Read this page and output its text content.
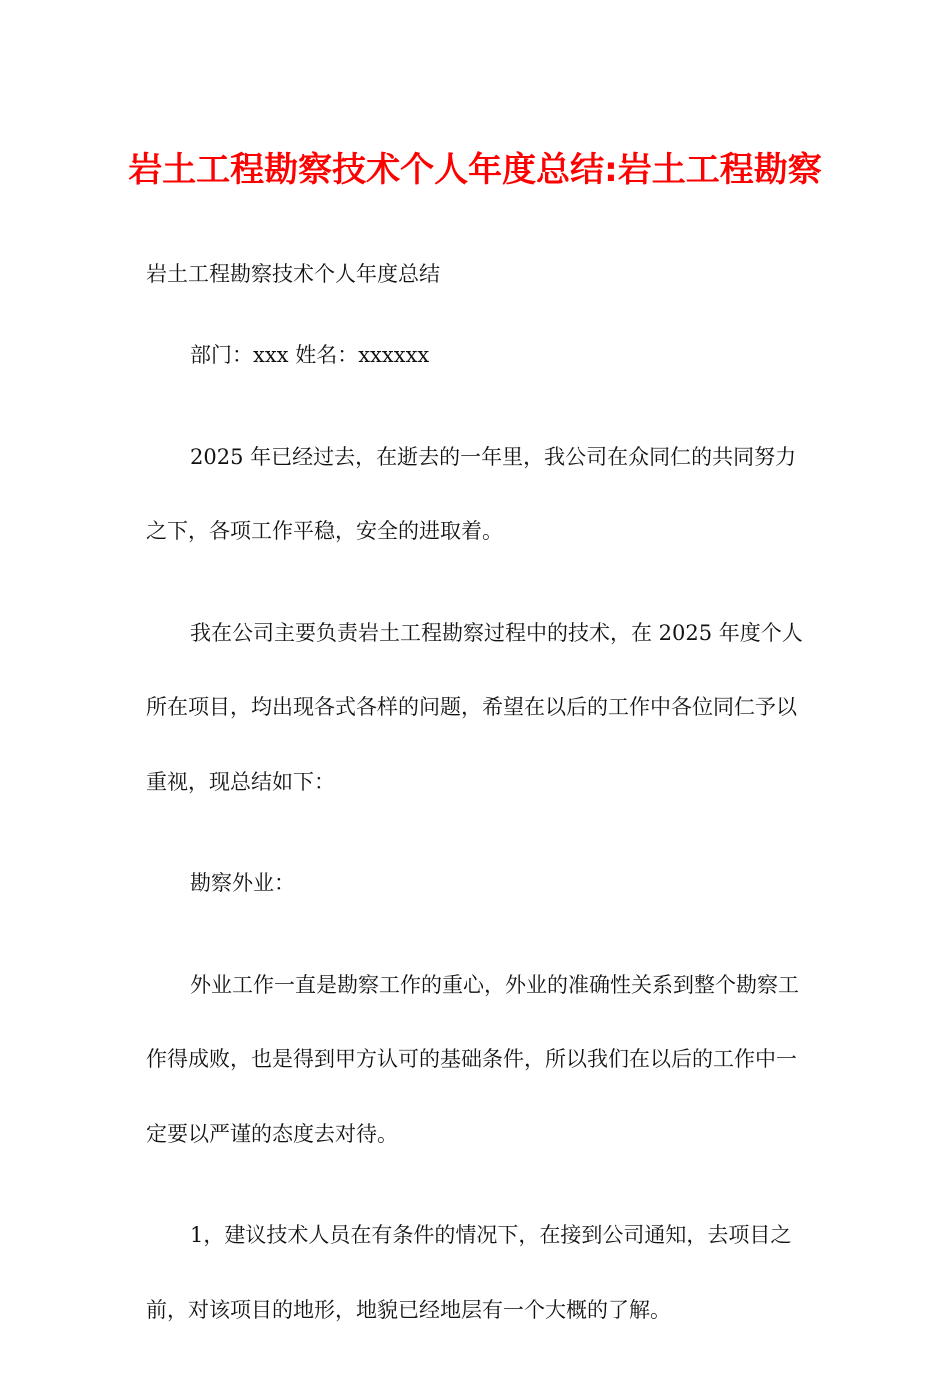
岩土工程勘察技术个人年度总结:岩土工程勘察

岩土工程勘察技术个人年度总结

部门：xxx 姓名：xxxxxx

2025 年已经过去，在逝去的一年里，我公司在众同仁的共同努力之下，各项工作平稳，安全的进取着。

我在公司主要负责岩土工程勘察过程中的技术，在 2025 年度个人所在项目，均出现各式各样的问题，希望在以后的工作中各位同仁予以重视，现总结如下：

勘察外业：

外业工作一直是勘察工作的重心，外业的准确性关系到整个勘察工作得成败，也是得到甲方认可的基础条件，所以我们在以后的工作中一定要以严谨的态度去对待。

1，建议技术人员在有条件的情况下，在接到公司通知，去项目之前，对该项目的地形，地貌已经地层有一个大概的了解。
